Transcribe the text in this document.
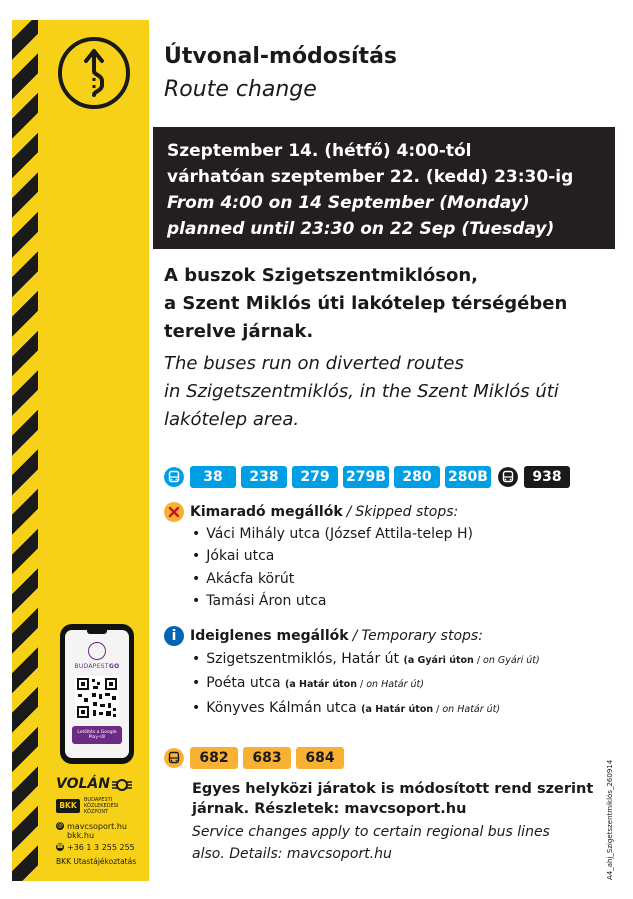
BUDAPESTGO
Letöltés a Google Play-ről
VOLÁN
BKK
BUDAPESTI KÖZLEKEDÉSI KÖZPONT
@ mavcsoport.hu
bkk.hu
☎ +36 1 3 255 255
BKK Utastájékoztatás
Útvonal-módosítás
Route change
Szeptember 14. (hétfő) 4:00-tól
várhatóan szeptember 22. (kedd) 23:30-ig
From 4:00 on 14 September (Monday)
planned until 23:30 on 22 Sep (Tuesday)
A buszok Szigetszentmiklóson,
a Szent Miklós úti lakótelep térségében
terelve járnak.
The buses run on diverted routes
in Szigetszentmiklós, in the Szent Miklós úti
lakótelep area.
38	238	279	279B	280	280B	938
Kimaradó megállók / Skipped stops:
• Váci Mihály utca (József Attila-telep H)
• Jókai utca
• Akácfa körút
• Tamási Áron utca
i Ideiglenes megállók / Temporary stops:
• Szigetszentmiklós, Határ út (a Gyári úton / on Gyári út)
• Poéta utca (a Határ úton / on Határ út)
• Könyves Kálmán utca (a Határ úton / on Határ út)
682	683	684
Egyes helyközi járatok is módosított rend szerint
járnak. Részletek: mavcsoport.hu
Service changes apply to certain regional bus lines
also. Details: mavcsoport.hu	A4_ahj_Szigetszentmiklós_260914
